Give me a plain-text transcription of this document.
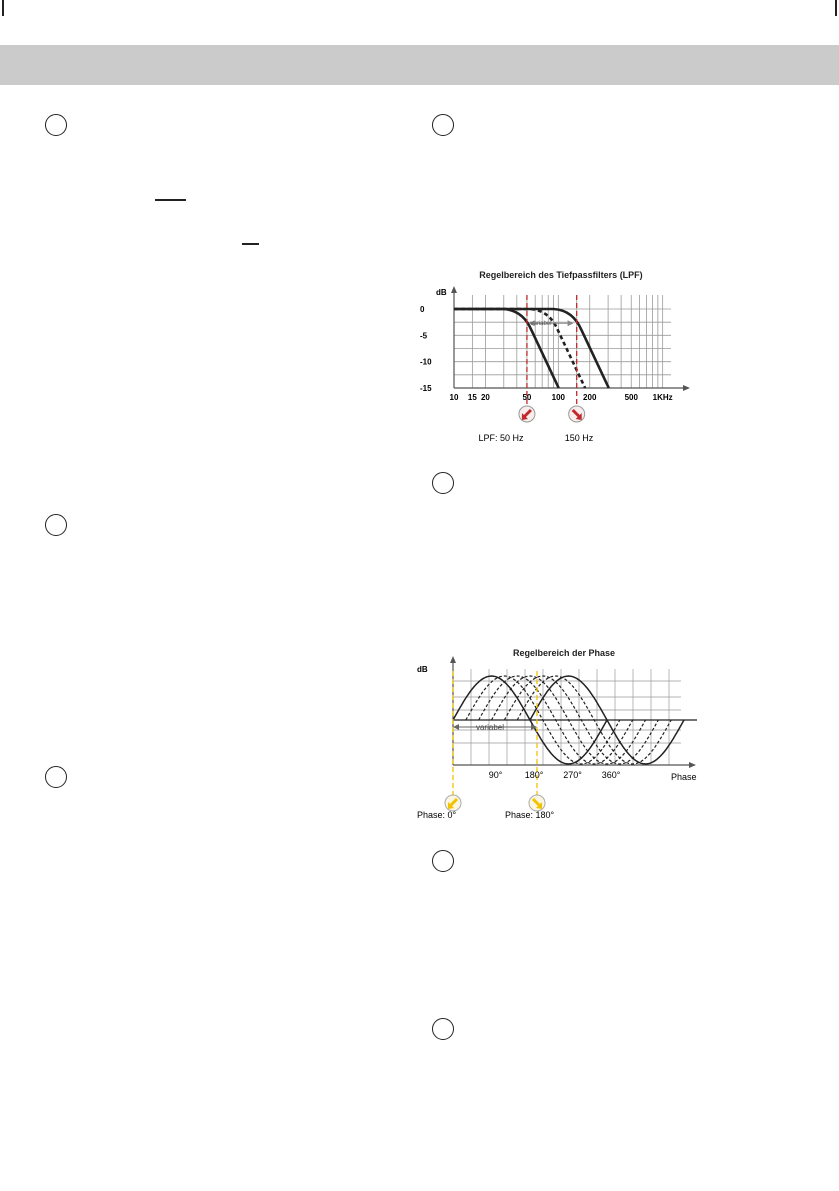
Regelbereich des Tiefpassfilters (LPF)
dB
0
-5
-10
-15
10 15 20	50	100 200	500 1KHz
variabel
LPF: 50 Hz	150 Hz
Regelbereich der Phase
dB
90° 180° 270° 360°	Phase
variabel
Phase: 0°	Phase: 180°
